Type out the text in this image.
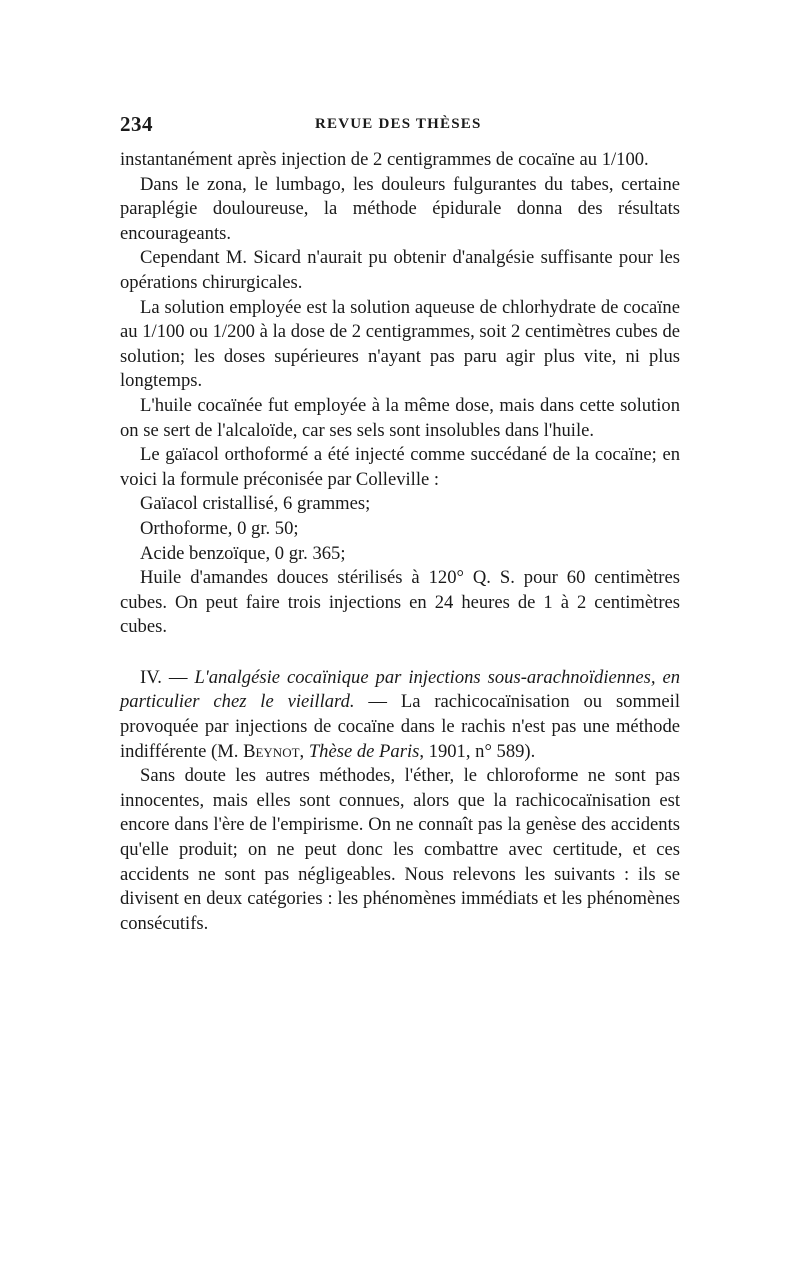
234	REVUE DES THÈSES

instantanément après injection de 2 centigrammes de cocaïne au 1/100.

Dans le zona, le lumbago, les douleurs fulgurantes du tabes, certaine paraplégie douloureuse, la méthode épidurale donna des résultats encourageants.

Cependant M. Sicard n'aurait pu obtenir d'analgésie suffisante pour les opérations chirurgicales.

La solution employée est la solution aqueuse de chlorhydrate de cocaïne au 1/100 ou 1/200 à la dose de 2 centigrammes, soit 2 centimètres cubes de solution; les doses supérieures n'ayant pas paru agir plus vite, ni plus longtemps.

L'huile cocaïnée fut employée à la même dose, mais dans cette solution on se sert de l'alcaloïde, car ses sels sont insolubles dans l'huile.

Le gaïacol orthoformé a été injecté comme succédané de la cocaïne; en voici la formule préconisée par Colleville :

Gaïacol cristallisé, 6 grammes;

Orthoforme, 0 gr. 50;

Acide benzoïque, 0 gr. 365;

Huile d'amandes douces stérilisés à 120° Q. S. pour 60 centimètres cubes. On peut faire trois injections en 24 heures de 1 à 2 centimètres cubes.

IV. — L'analgésie cocaïnique par injections sous-arachnoïdiennes, en particulier chez le vieillard. — La rachicocaïnisation ou sommeil provoquée par injections de cocaïne dans le rachis n'est pas une méthode indifférente (M. Beynot, Thèse de Paris, 1901, n° 589).

Sans doute les autres méthodes, l'éther, le chloroforme ne sont pas innocentes, mais elles sont connues, alors que la rachicocaïnisation est encore dans l'ère de l'empirisme. On ne connaît pas la genèse des accidents qu'elle produit; on ne peut donc les combattre avec certitude, et ces accidents ne sont pas négligeables. Nous relevons les suivants : ils se divisent en deux catégories : les phénomènes immédiats et les phénomènes consécutifs.
